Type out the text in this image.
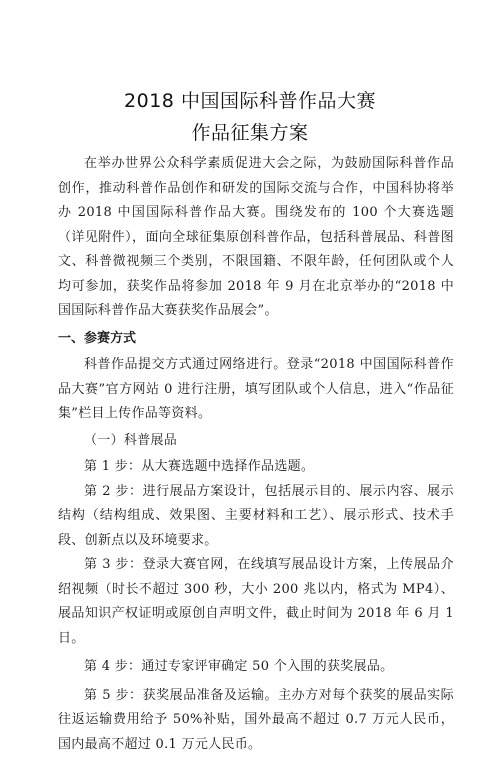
2018 中国国际科普作品大赛
作品征集方案

在举办世界公众科学素质促进大会之际，为鼓励国际科普作品创作，推动科普作品创作和研发的国际交流与合作，中国科协将举办 2018 中国国际科普作品大赛。围绕发布的 100 个大赛选题（详见附件），面向全球征集原创科普作品，包括科普展品、科普图文、科普微视频三个类别，不限国籍、不限年龄，任何团队或个人均可参加，获奖作品将参加 2018 年 9 月在北京举办的“2018 中国国际科普作品大赛获奖作品展会”。

一、参赛方式

科普作品提交方式通过网络进行。登录“2018 中国国际科普作品大赛”官方网站 0 进行注册，填写团队或个人信息，进入“作品征集”栏目上传作品等资料。

（一）科普展品

第 1 步：从大赛选题中选择作品选题。

第 2 步：进行展品方案设计，包括展示目的、展示内容、展示结构（结构组成、效果图、主要材料和工艺）、展示形式、技术手段、创新点以及环境要求。

第 3 步：登录大赛官网，在线填写展品设计方案，上传展品介绍视频（时长不超过 300 秒，大小 200 兆以内，格式为 MP4）、展品知识产权证明或原创自声明文件，截止时间为 2018 年 6 月 1 日。

第 4 步：通过专家评审确定 50 个入围的获奖展品。

第 5 步：获奖展品准备及运输。主办方对每个获奖的展品实际往返运输费用给予 50%补贴，国外最高不超过 0.7 万元人民币，国内最高不超过 0.1 万元人民币。
